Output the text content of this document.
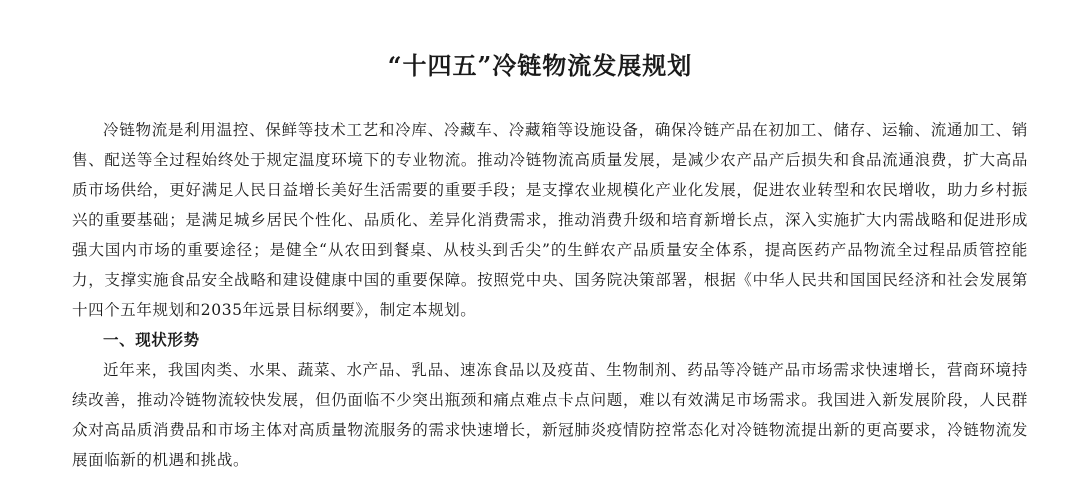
“十四五”冷链物流发展规划

冷链物流是利用温控、保鲜等技术工艺和冷库、冷藏车、冷藏箱等设施设备，确保冷链产品在初加工、储存、运输、流通加工、销售、配送等全过程始终处于规定温度环境下的专业物流。推动冷链物流高质量发展，是减少农产品产后损失和食品流通浪费，扩大高品质市场供给，更好满足人民日益增长美好生活需要的重要手段；是支撑农业规模化产业化发展，促进农业转型和农民增收，助力乡村振兴的重要基础；是满足城乡居民个性化、品质化、差异化消费需求，推动消费升级和培育新增长点，深入实施扩大内需战略和促进形成强大国内市场的重要途径；是健全“从农田到餐桌、从枝头到舌尖”的生鲜农产品质量安全体系，提高医药产品物流全过程品质管控能力，支撑实施食品安全战略和建设健康中国的重要保障。按照党中央、国务院决策部署，根据《中华人民共和国国民经济和社会发展第十四个五年规划和2035年远景目标纲要》，制定本规划。

一、现状形势

近年来，我国肉类、水果、蔬菜、水产品、乳品、速冻食品以及疫苗、生物制剂、药品等冷链产品市场需求快速增长，营商环境持续改善，推动冷链物流较快发展，但仍面临不少突出瓶颈和痛点难点卡点问题，难以有效满足市场需求。我国进入新发展阶段，人民群众对高品质消费品和市场主体对高质量物流服务的需求快速增长，新冠肺炎疫情防控常态化对冷链物流提出新的更高要求，冷链物流发展面临新的机遇和挑战。
